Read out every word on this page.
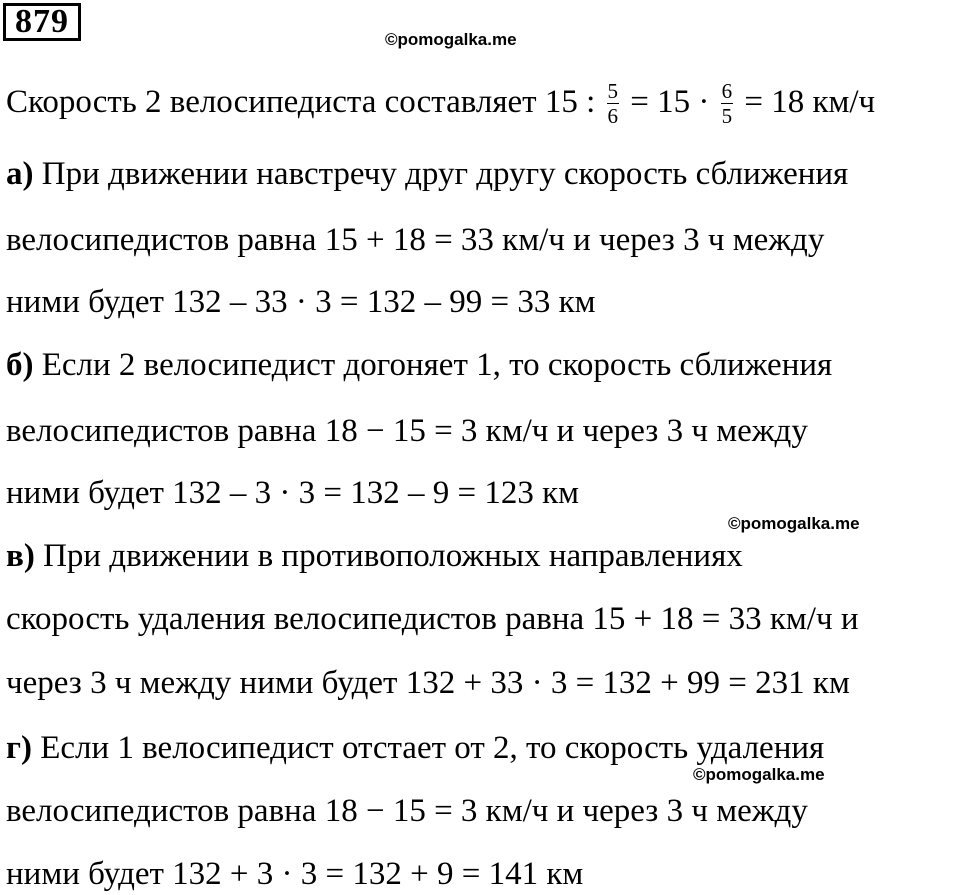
879	©pomogalka.me
©pomogalka.me
©pomogalka.me
Скорость 2 велосипедиста составляет 15 : $\frac{5}{6} = 15 \cdot \frac{6}{5} = 18$ км/ч
а) При движении навстречу друг другу скорость сближения
велосипедистов равна 15 + 18 = 33 км/ч и через 3 ч между
ними будет 132 – 33 · 3 = 132 – 99 = 33 км
б) Если 2 велосипедист догоняет 1, то скорость сближения
велосипедистов равна 18 − 15 = 3 км/ч и через 3 ч между
ними будет 132 – 3 · 3 = 132 – 9 = 123 км
в) При движении в противоположных направлениях
скорость удаления велосипедистов равна 15 + 18 = 33 км/ч и
через 3 ч между ними будет 132 + 33 · 3 = 132 + 99 = 231 км
г) Если 1 велосипедист отстает от 2, то скорость удаления
велосипедистов равна 18 − 15 = 3 км/ч и через 3 ч между
ними будет 132 + 3 · 3 = 132 + 9 = 141 км
